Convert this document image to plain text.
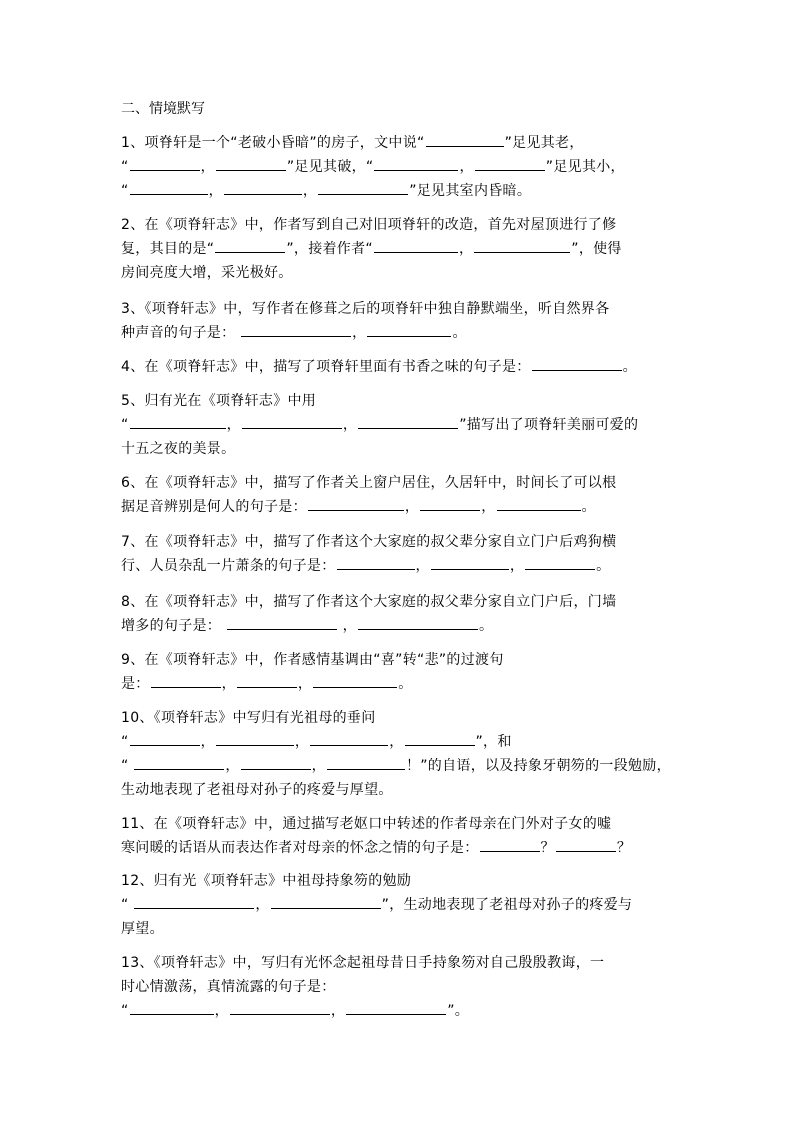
二、情境默写
1、项脊轩是一个“老破小昏暗”的房子，文中说“	”足见其老，
“	，	”足见其破，“	，	”足见其小，
“	，	，	”足见其室内昏暗。
2、在《项脊轩志》中，作者写到自己对旧项脊轩的改造，首先对屋顶进行了修
复，其目的是“	”，接着作者“	，	”，使得
房间亮度大增，采光极好。
3、《项脊轩志》中，写作者在修葺之后的项脊轩中独自静默端坐，听自然界各
种声音的句子是：	，	。
4、在《项脊轩志》中，描写了项脊轩里面有书香之味的句子是：	。
5、归有光在《项脊轩志》中用
“	，	，	”描写出了项脊轩美丽可爱的
十五之夜的美景。
6、在《项脊轩志》中，描写了作者关上窗户居住，久居轩中，时间长了可以根
据足音辨别是何人的句子是：	，	，	。
7、在《项脊轩志》中，描写了作者这个大家庭的叔父辈分家自立门户后鸡狗横
行、人员杂乱一片萧条的句子是：	，	，	。
8、在《项脊轩志》中，描写了作者这个大家庭的叔父辈分家自立门户后，门墙
增多的句子是：	，	。
9、在《项脊轩志》中，作者感情基调由“喜”转“悲”的过渡句
是：	，	，	。
10、《项脊轩志》中写归有光祖母的垂问
“	，	，	，	”，和
“	，	，	！”的自语，以及持象牙朝笏的一段勉励，
生动地表现了老祖母对孙子的疼爱与厚望。
11、在《项脊轩志》中，通过描写老妪口中转述的作者母亲在门外对子女的嘘
寒问暖的话语从而表达作者对母亲的怀念之情的句子是：	？	？
12、归有光《项脊轩志》中祖母持象笏的勉励
“	，	”，生动地表现了老祖母对孙子的疼爱与
厚望。
13、《项脊轩志》中，写归有光怀念起祖母昔日手持象笏对自己殷殷教诲，一
时心情激荡，真情流露的句子是：
“	，	，	”。
